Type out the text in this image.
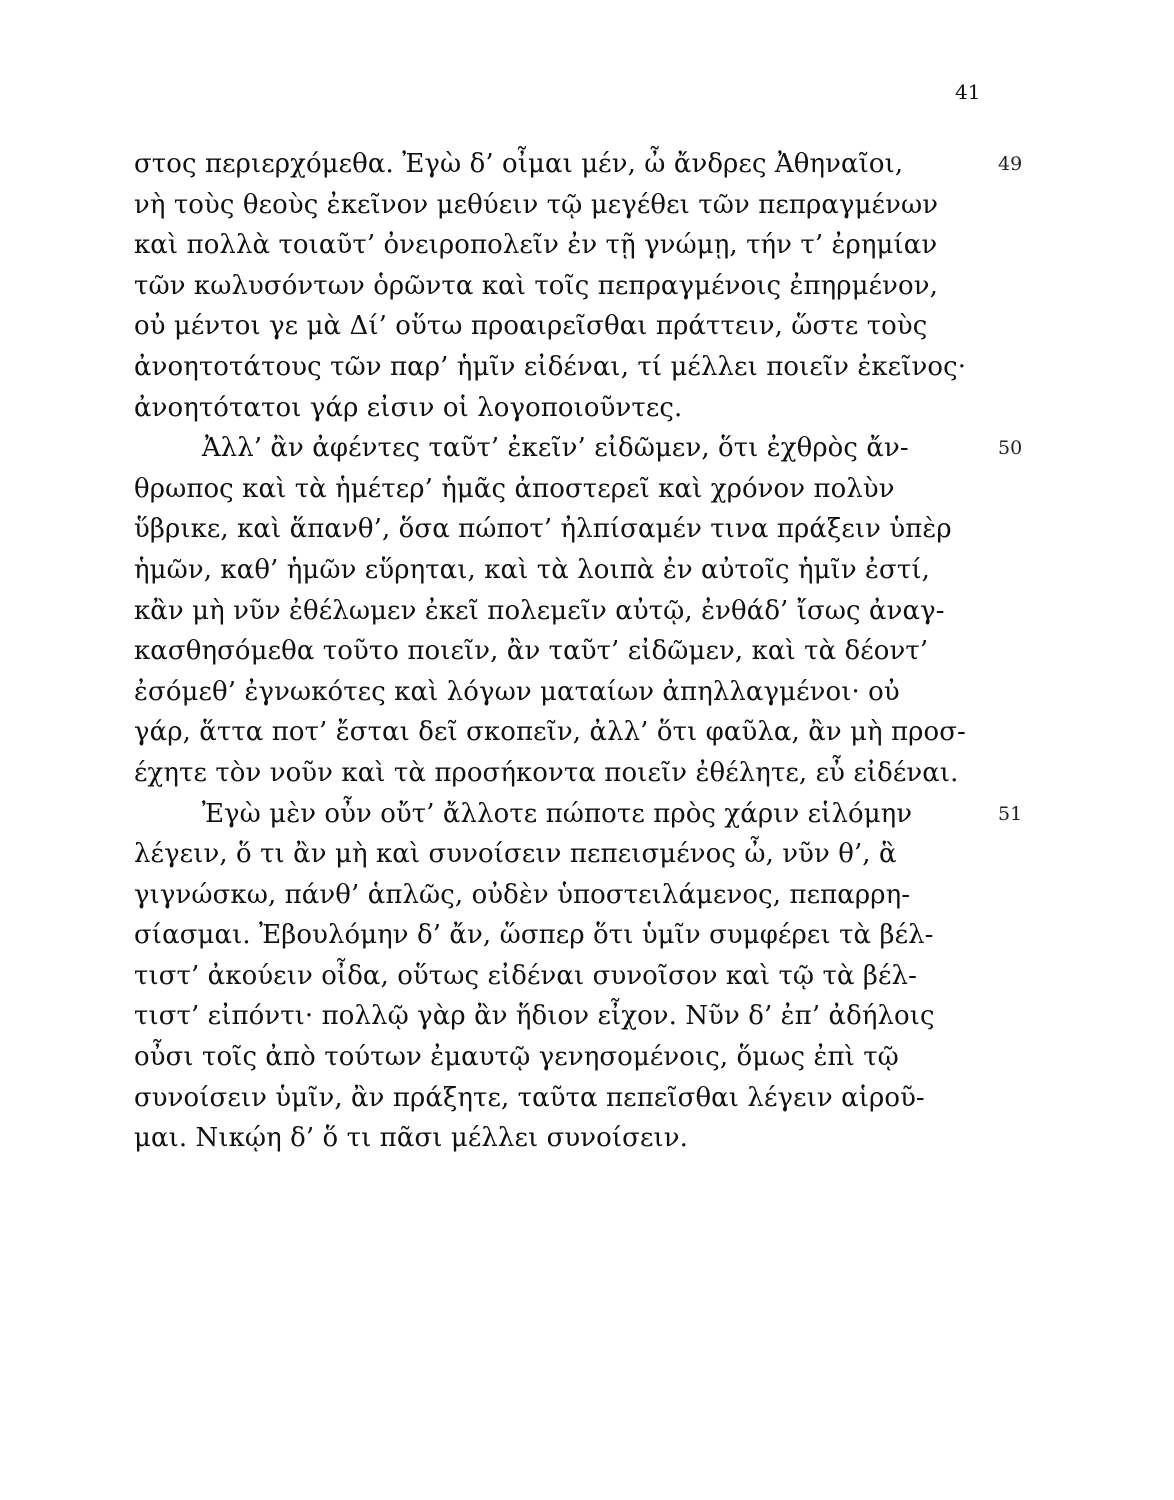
41
στος περιερχόμεθα. Ἐγὼ δ’ οἶμαι μέν, ὦ ἄνδρες Ἀθηναῖοι,	49
νὴ τοὺς θεοὺς ἐκεῖνον μεθύειν τῷ μεγέθει τῶν πεπραγμένων
καὶ πολλὰ τοιαῦτ’ ὀνειροπολεῖν ἐν τῇ γνώμῃ, τήν τ’ ἐρημίαν
τῶν κωλυσόντων ὁρῶντα καὶ τοῖς πεπραγμένοις ἐπηρμένον,
οὐ μέντοι γε μὰ Δί’ οὕτω προαιρεῖσθαι πράττειν, ὥστε τοὺς
ἀνοητοτάτους τῶν παρ’ ἡμῖν εἰδέναι, τί μέλλει ποιεῖν ἐκεῖνος·
ἀνοητότατοι γάρ εἰσιν οἱ λογοποιοῦντες.
Ἀλλ’ ἂν ἀφέντες ταῦτ’ ἐκεῖν’ εἰδῶμεν, ὅτι ἐχθρὸς ἄν-	50
θρωπος καὶ τὰ ἡμέτερ’ ἡμᾶς ἀποστερεῖ καὶ χρόνον πολὺν
ὕβρικε, καὶ ἅπανθ’, ὅσα πώποτ’ ἠλπίσαμέν τινα πράξειν ὑπὲρ
ἡμῶν, καθ’ ἡμῶν εὕρηται, καὶ τὰ λοιπὰ ἐν αὐτοῖς ἡμῖν ἐστί,
κἂν μὴ νῦν ἐθέλωμεν ἐκεῖ πολεμεῖν αὐτῷ, ἐνθάδ’ ἴσως ἀναγ-
κασθησόμεθα τοῦτο ποιεῖν, ἂν ταῦτ’ εἰδῶμεν, καὶ τὰ δέοντ’
ἐσόμεθ’ ἐγνωκότες καὶ λόγων ματαίων ἀπηλλαγμένοι· οὐ
γάρ, ἅττα ποτ’ ἔσται δεῖ σκοπεῖν, ἀλλ’ ὅτι φαῦλα, ἂν μὴ προσ-
έχητε τὸν νοῦν καὶ τὰ προσήκοντα ποιεῖν ἐθέλητε, εὖ εἰδέναι.
Ἐγὼ μὲν οὖν οὔτ’ ἄλλοτε πώποτε πρὸς χάριν εἱλόμην	51
λέγειν, ὅ τι ἂν μὴ καὶ συνοίσειν πεπεισμένος ὦ, νῦν θ’, ἃ
γιγνώσκω, πάνθ’ ἁπλῶς, οὐδὲν ὑποστειλάμενος, πεπαρρη-
σίασμαι. Ἐβουλόμην δ’ ἄν, ὥσπερ ὅτι ὑμῖν συμφέρει τὰ βέλ-
τιστ’ ἀκούειν οἶδα, οὕτως εἰδέναι συνοῖσον καὶ τῷ τὰ βέλ-
τιστ’ εἰπόντι· πολλῷ γὰρ ἂν ἥδιον εἶχον. Νῦν δ’ ἐπ’ ἀδήλοις
οὖσι τοῖς ἀπὸ τούτων ἐμαυτῷ γενησομένοις, ὅμως ἐπὶ τῷ
συνοίσειν ὑμῖν, ἂν πράξητε, ταῦτα πεπεῖσθαι λέγειν αἱροῦ-
μαι. Νικῴη δ’ ὅ τι πᾶσι μέλλει συνοίσειν.
